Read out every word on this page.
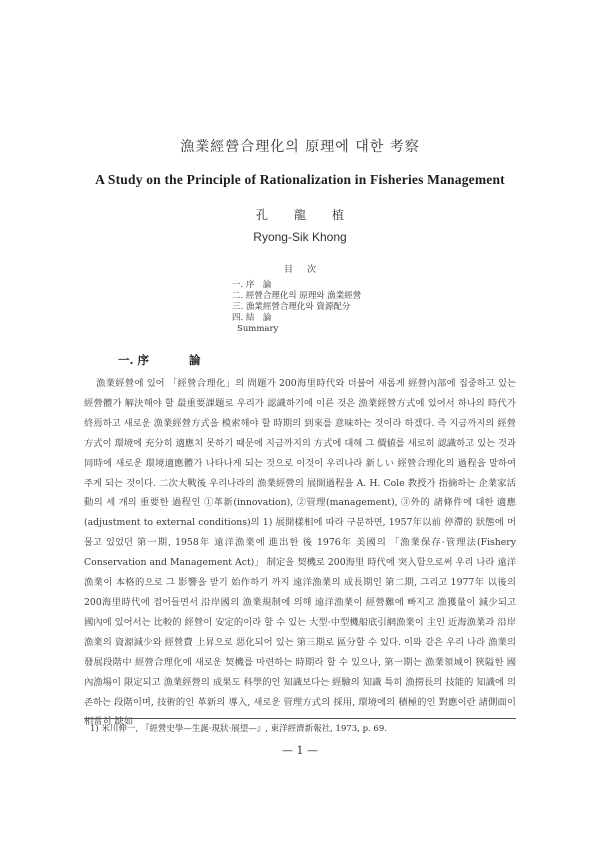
漁業經營合理化의 原理에 대한 考察
A Study on the Principle of Rationalization in Fisheries Management
孔龍植
Ryong-Sik Khong
目次
一. 序　論
二. 經營合理化의 原理와 漁業經營
三. 漁業經營合理化와 資源配分
四. 結　論
Summary
一. 序	論

漁業經營에 있어 「經營合理化」의 問題가 200海里時代와 더불어 새롭게 經營內部에 집중하고 있는 經營體가 解決해야 할 最重要課題로 우리가 認識하기에 이른 것은 漁業經營方式에 있어서 하나의 時代가 終焉하고 새로운 漁業經營方式을 模索해야 할 時期의 到來를 意味하는 것이라 하겠다. 즉 지금까지의 經營方式이 環境에 充分히 適應치 못하기 때문에 지금까지의 方式에 대해 그 價値를 새로히 認識하고 있는 것과 同時에 새로운 環境適應體가 나타나게 되는 것으로 이것이 우리나라 新しい 經營合理化의 過程을 말하여 주게 되는 것이다. 二次大戰後 우리나라의 漁業經營의 展開過程을 A. H. Cole 教授가 指摘하는 企業家活動의 세 개의 重要한 過程인 ①革新(innovation), ②管理(management), ③外的 諸條件에 대한 適應(adjustment to external conditions)의 1) 展開樣相에 따라 구분하면, 1957年以前 停滯的 狀態에 머물고 있었던 第一期, 1958年 遠洋漁業에 進出한 後 1976年 美國의 「漁業保存·管理法(Fishery Conservation and Management Act)」 制定을 契機로 200海里 時代에 突入함으로써 우리 나라 遠洋漁業이 本格的으로 그 影響을 받기 始作하기 까지 遠洋漁業의 成長期인 第二期, 그리고 1977年 以後의 200海里時代에 접어들면서 沿岸國의 漁業規制에 의해 遠洋漁業이 經營難에 빠지고 漁獲量이 減少되고 國內에 있어서는 比較的 經營이 安定的이라 할 수 있는 大型·中型機船底引網漁業이 主인 近海漁業과 沿岸漁業의 資源減少와 經營費 上昇으로 惡化되어 있는 第三期로 區分할 수 있다. 이와 같은 우리 나라 漁業의 發展段階中 經營合理化에 새로운 契機를 마련하는 時期라 할 수 있으나, 第一期는 漁業領域이 狹隘한 國內漁場이 限定되고 漁業經營의 成果도 科學的인 知識보다는 經驗의 知識 특히 漁撈長의 技能的 知識에 의존하는 段階이며, 技術的인 革新의 導入, 새로운 管理方式의 採用, 環境에의 積極的인 對應이란 諸側面이 相當히 缺如

1) 米川伸一, 『經營史學—生誕·現狀·展望—』, 東洋經濟新報社, 1973, p. 69.
— 1 —
